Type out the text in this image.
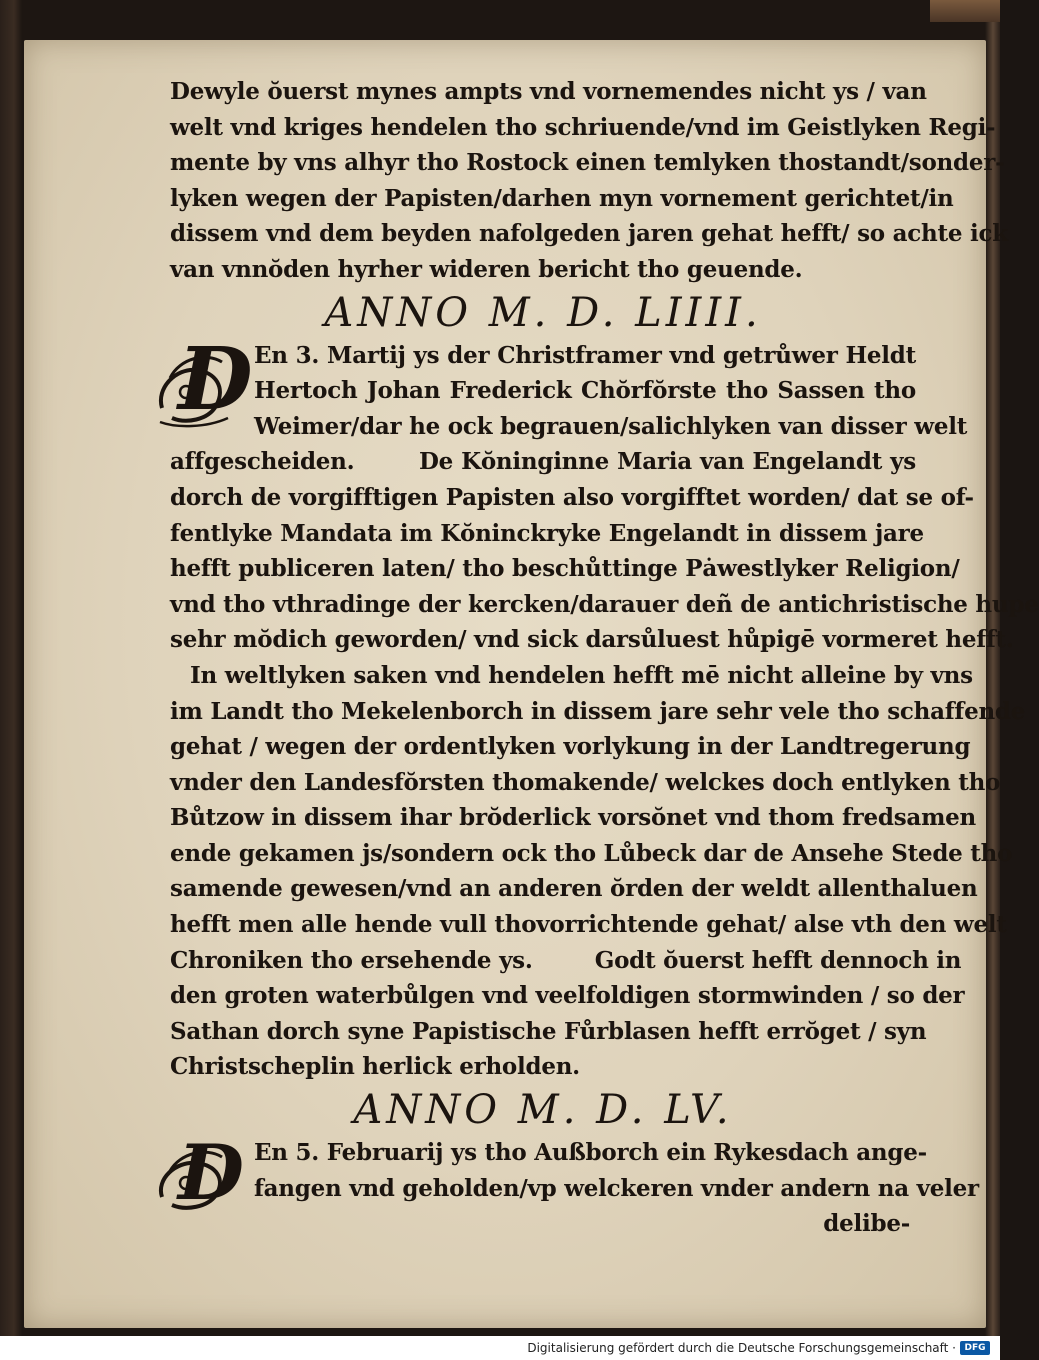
Dewyle ŏuerst mynes ampts vnd vornemendes nicht ys / van
welt vnd kriges hendelen tho schriuende/vnd im Geistlyken Regi-
mente by vns alhyr tho Rostock einen temlyken thostandt/sonder-
lyken wegen der Papisten/darhen myn vornement gerichtet/in
dissem vnd dem beyden nafolgeden jaren gehat hefft/ so achte ick
van vnnŏden hyrher wideren bericht tho geuende.
ANNO M. D. LIIII.
D En 3. Martij ys der Christframer vnd getrůwer Heldt
Hertoch Johan Frederick Chŏrfŏrste tho Sassen tho
Weimer/dar he ock begrauen/salichlyken van disser welt
affgescheiden.        De Kŏninginne Maria van Engelandt ys
dorch de vorgifftigen Papisten also vorgifftet worden/ dat se of-
fentlyke Mandata im Kŏninckryke Engelandt in dissem jare
hefft publiceren laten/ tho beschůttinge Pȧwestlyker Religion/
vnd tho vthradinge der kercken/darauer deñ de antichristische hupe
sehr mŏdich geworden/ vnd sick darsůluest hůpigē vormeret hefft.
In weltlyken saken vnd hendelen hefft mē nicht alleine by vns
im Landt tho Mekelenborch in dissem jare sehr vele tho schaffende
gehat / wegen der ordentlyken vorlykung in der Landtregerung
vnder den Landesfŏrsten thomakende/ welckes doch entlyken tho
Bůtzow in dissem ihar brŏderlick vorsŏnet vnd thom fredsamen
ende gekamen js/sondern ock tho Lůbeck dar de Ansehe Stede tho
samende gewesen/vnd an anderen ŏrden der weldt allenthaluen
hefft men alle hende vull thovorrichtende gehat/ alse vth den welt
Chroniken tho ersehende ys.        Godt ŏuerst hefft dennoch in
den groten waterbůlgen vnd veelfoldigen stormwinden / so der
Sathan dorch syne Papistische Fůrblasen hefft errŏget / syn
Christscheplin herlick erholden.
ANNO M. D. LV.
D En 5. Februarij ys tho Außborch ein Rykesdach ange-
fangen vnd geholden/vp welckeren vnder andern na veler
delibe-
Digitalisierung gefördert durch die Deutsche Forschungsgemeinschaft · DFG
